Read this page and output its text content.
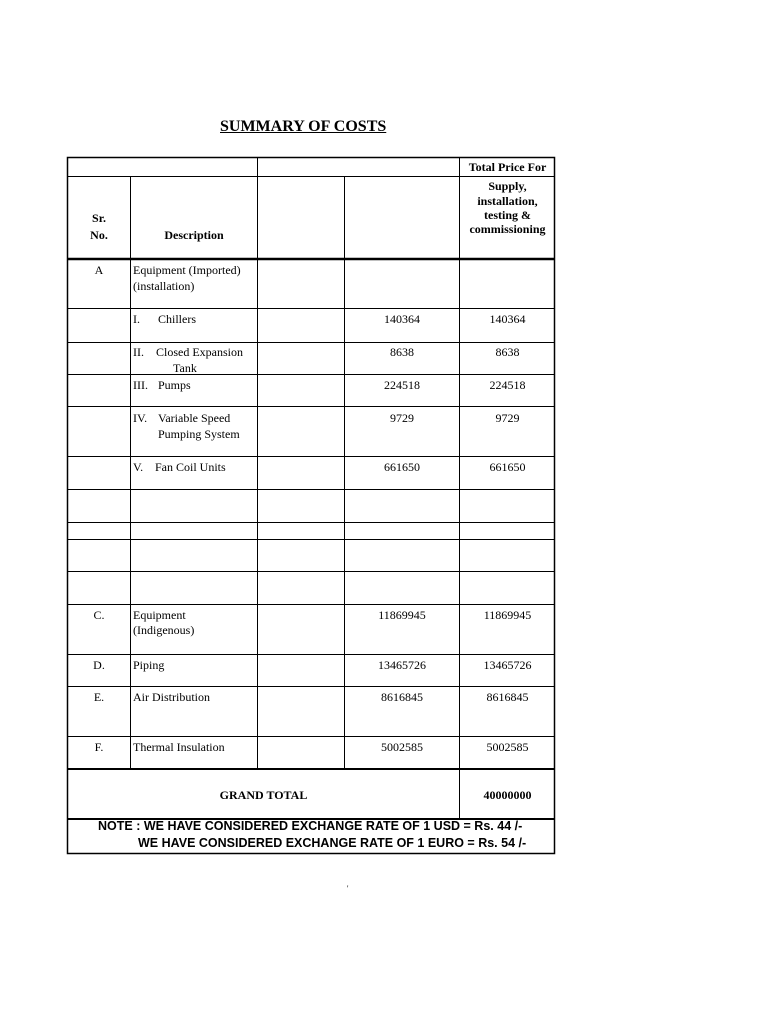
SUMMARY OF COSTS
Total Price For
Supply,
installation,
testing &
commissioning
Sr.
No.	Description
A	Equipment (Imported)
(installation)
I. Chillers	140364	140364
II. Closed Expansion
Tank
8638	8638
III. Pumps	224518	224518
IV. Variable Speed
Pumping System
9729	9729
V. Fan Coil Units	661650	661650
C.	Equipment
(Indigenous)
11869945	11869945
D.	Piping	13465726	13465726
E.	Air Distribution	8616845	8616845
F.	Thermal Insulation	5002585	5002585
GRAND TOTAL	40000000
NOTE : WE HAVE CONSIDERED EXCHANGE RATE OF 1 USD = Rs. 44 /-
WE HAVE CONSIDERED EXCHANGE RATE OF 1 EURO = Rs. 54 /-
'
